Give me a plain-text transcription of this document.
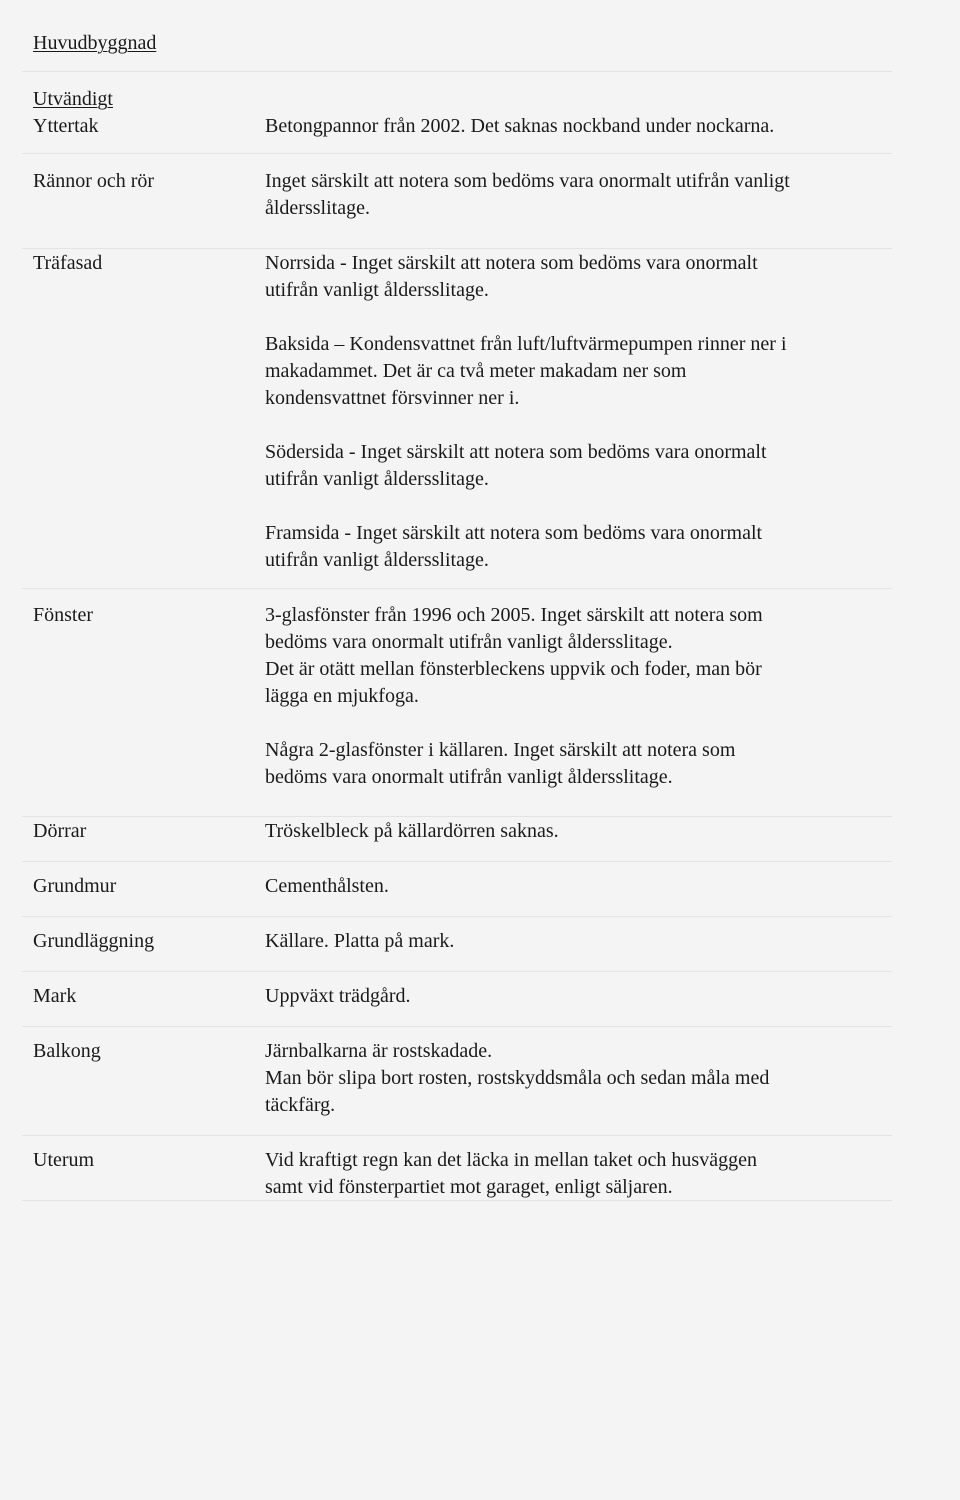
Huvudbyggnad
Utvändigt
Yttertak	Betongpannor från 2002. Det saknas nockband under nockarna.
Rännor och rör	Inget särskilt att notera som bedöms vara onormalt utifrån vanligt
åldersslitage.
Träfasad	Norrsida - Inget särskilt att notera som bedöms vara onormalt
utifrån vanligt åldersslitage.
Baksida – Kondensvattnet från luft/luftvärmepumpen rinner ner i
makadammet. Det är ca två meter makadam ner som
kondensvattnet försvinner ner i.
Södersida - Inget särskilt att notera som bedöms vara onormalt
utifrån vanligt åldersslitage.
Framsida - Inget särskilt att notera som bedöms vara onormalt
utifrån vanligt åldersslitage.
Fönster	3-glasfönster från 1996 och 2005. Inget särskilt att notera som
bedöms vara onormalt utifrån vanligt åldersslitage.
Det är otätt mellan fönsterbleckens uppvik och foder, man bör
lägga en mjukfoga.
Några 2-glasfönster i källaren. Inget särskilt att notera som
bedöms vara onormalt utifrån vanligt åldersslitage.
Dörrar	Tröskelbleck på källardörren saknas.
Grundmur	Cementhålsten.
Grundläggning	Källare. Platta på mark.
Mark	Uppväxt trädgård.
Balkong	Järnbalkarna är rostskadade.
Man bör slipa bort rosten, rostskyddsmåla och sedan måla med
täckfärg.
Uterum	Vid kraftigt regn kan det läcka in mellan taket och husväggen
samt vid fönsterpartiet mot garaget, enligt säljaren.
